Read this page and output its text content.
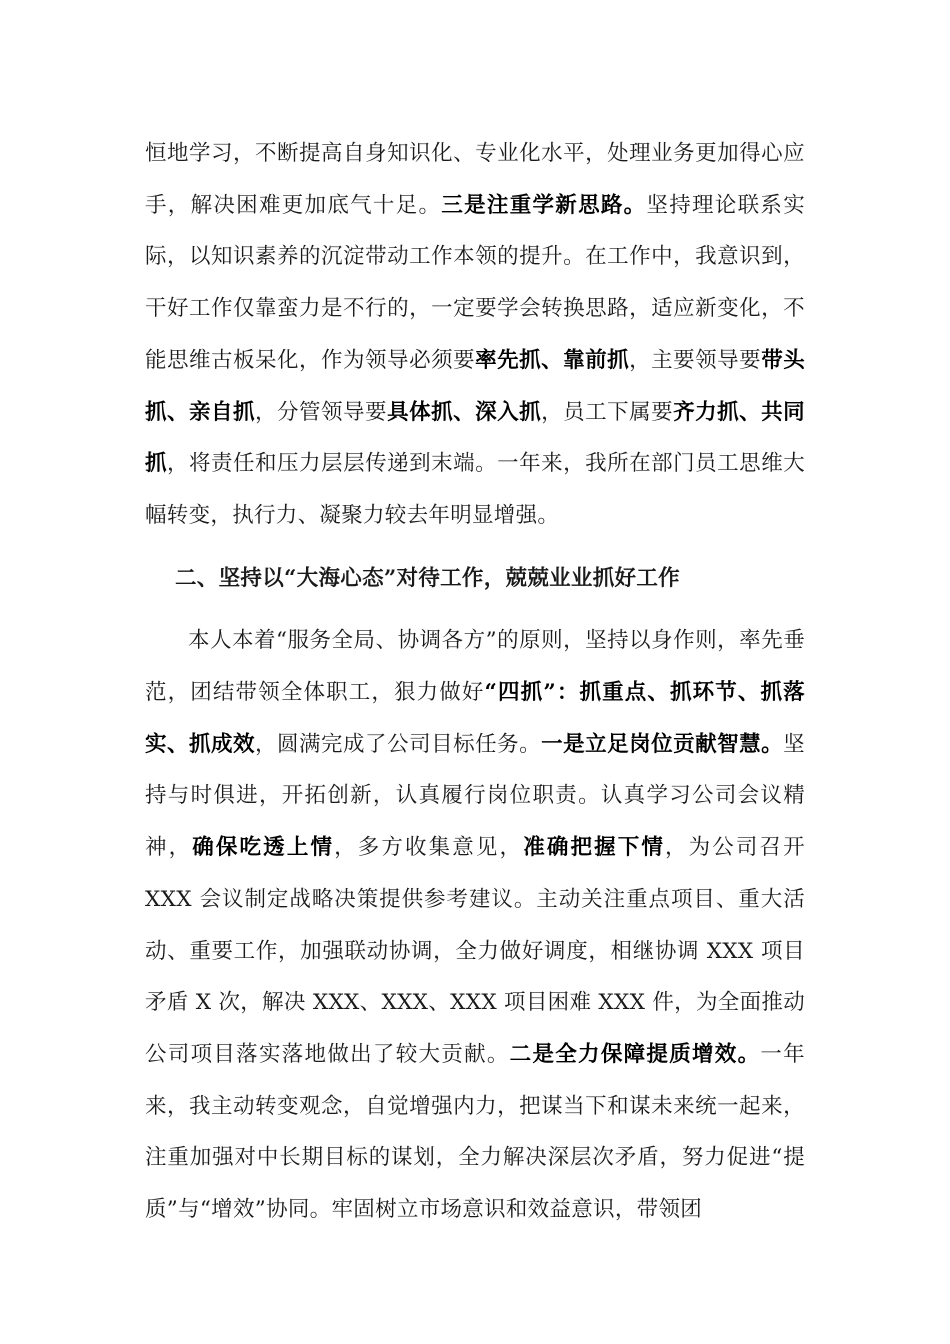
恒地学习，不断提高自身知识化、专业化水平，处理业务更加得心应手，解决困难更加底气十足。三是注重学新思路。坚持理论联系实际，以知识素养的沉淀带动工作本领的提升。在工作中，我意识到，干好工作仅靠蛮力是不行的，一定要学会转换思路，适应新变化，不能思维古板呆化，作为领导必须要率先抓、靠前抓，主要领导要带头抓、亲自抓，分管领导要具体抓、深入抓，员工下属要齐力抓、共同抓，将责任和压力层层传递到末端。一年来，我所在部门员工思维大幅转变，执行力、凝聚力较去年明显增强。

二、坚持以“大海心态”对待工作，兢兢业业抓好工作

本人本着“服务全局、协调各方”的原则，坚持以身作则，率先垂范，团结带领全体职工，狠力做好“四抓”：抓重点、抓环节、抓落实、抓成效，圆满完成了公司目标任务。一是立足岗位贡献智慧。坚持与时俱进，开拓创新，认真履行岗位职责。认真学习公司会议精神，确保吃透上情，多方收集意见，准确把握下情，为公司召开 XXX 会议制定战略决策提供参考建议。主动关注重点项目、重大活动、重要工作，加强联动协调，全力做好调度，相继协调 XXX 项目矛盾 X 次，解决 XXX、XXX、XXX 项目困难 XXX 件，为全面推动公司项目落实落地做出了较大贡献。二是全力保障提质增效。一年来，我主动转变观念，自觉增强内力，把谋当下和谋未来统一起来，注重加强对中长期目标的谋划，全力解决深层次矛盾，努力促进“提质”与“增效”协同。牢固树立市场意识和效益意识，带领团
